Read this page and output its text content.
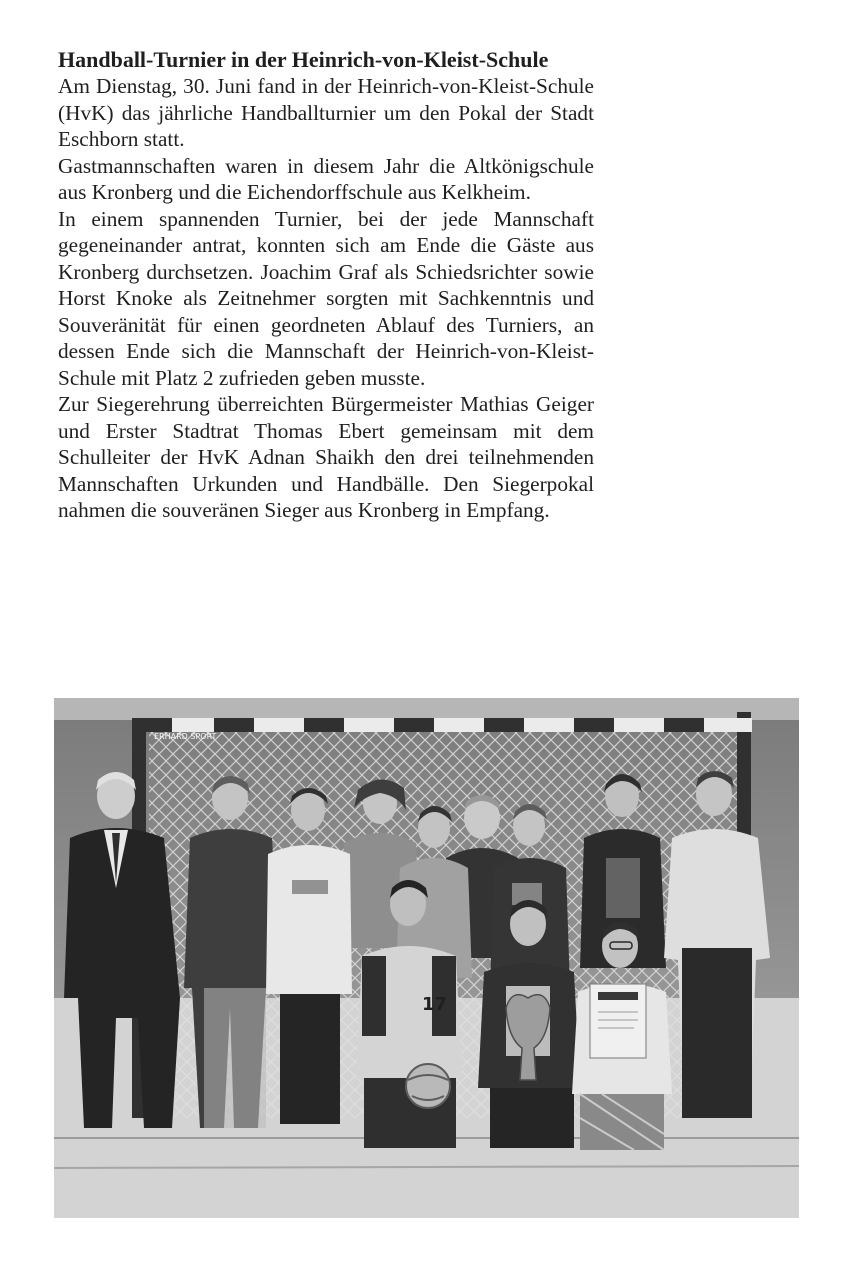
Handball-Turnier in der Heinrich-von-Kleist-Schule

Am Dienstag, 30. Juni fand in der Heinrich-von-Kleist-Schule (HvK) das jährliche Handballturnier um den Pokal der Stadt Eschborn statt.

Gastmannschaften waren in diesem Jahr die Altkönigschule aus Kronberg und die Eichendorffschule aus Kelkheim.

In einem spannenden Turnier, bei der jede Mannschaft gegeneinander antrat, konnten sich am Ende die Gäste aus Kronberg durchsetzen. Joachim Graf als Schiedsrichter sowie Horst Knoke als Zeitnehmer sorgten mit Sachkenntnis und Souveränität für einen geordneten Ablauf des Turniers, an dessen Ende sich die Mannschaft der Heinrich-von-Kleist-Schule mit Platz 2 zufrieden geben musste.

Zur Siegerehrung überreichten Bürgermeister Mathias Geiger und Erster Stadtrat Thomas Ebert gemeinsam mit dem Schulleiter der HvK Adnan Shaikh den drei teilnehmenden Mannschaften Urkunden und Handbälle. Den Siegerpokal nahmen die souveränen Sieger aus Kronberg in Empfang.

ERHARD SPORT
17
